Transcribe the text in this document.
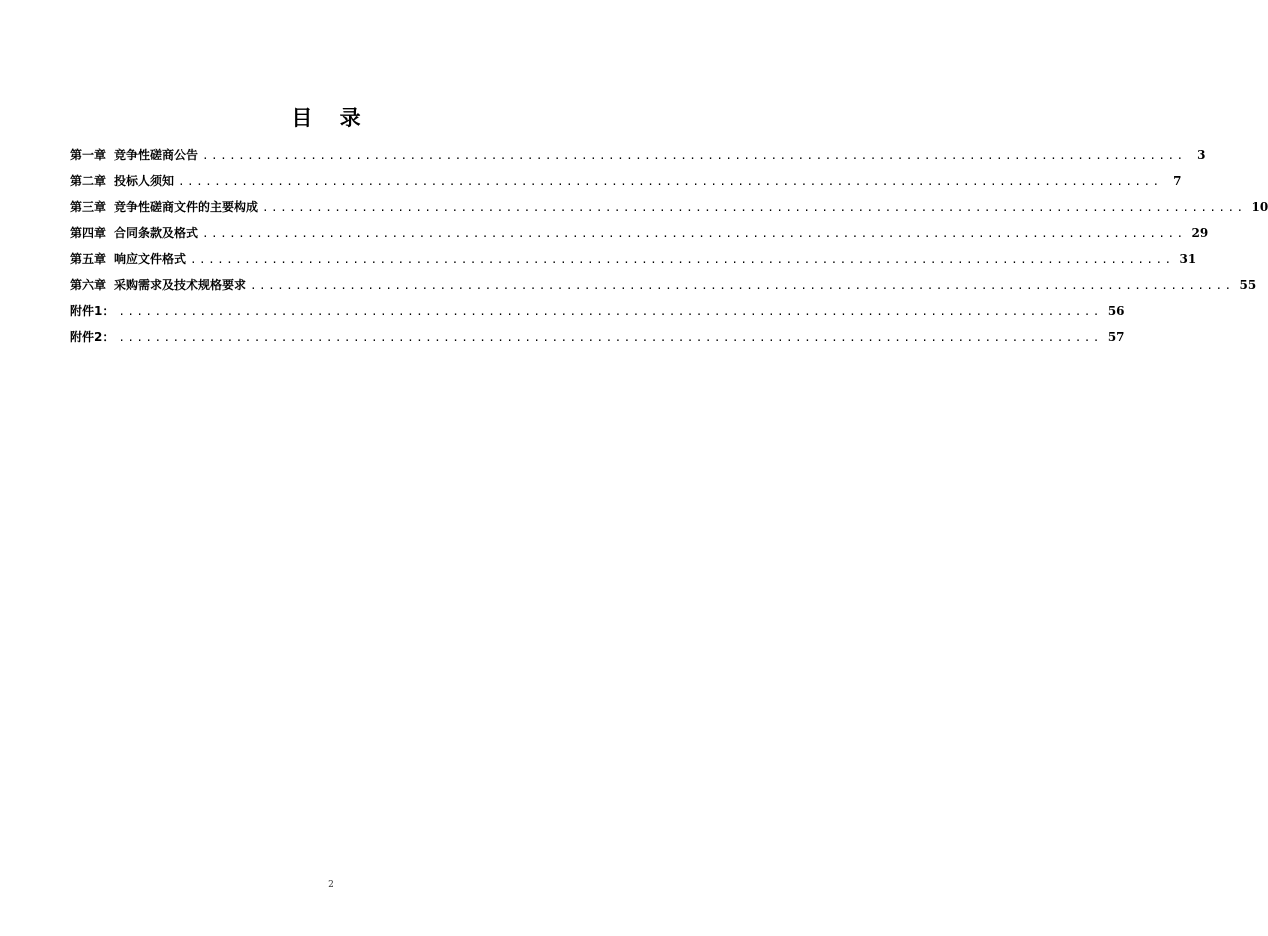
目 录
第一章 竞争性磋商公告 ............................................................................................................. 3
第二章 投标人须知 ............................................................................................................. 7
第三章 竞争性磋商文件的主要构成 ............................................................................................................. 10
第四章 合同条款及格式 ............................................................................................................. 29
第五章 响应文件格式 ............................................................................................................. 31
第六章 采购需求及技术规格要求 ............................................................................................................. 55
附件1： ............................................................................................................. 56
附件2： ............................................................................................................. 57
2
